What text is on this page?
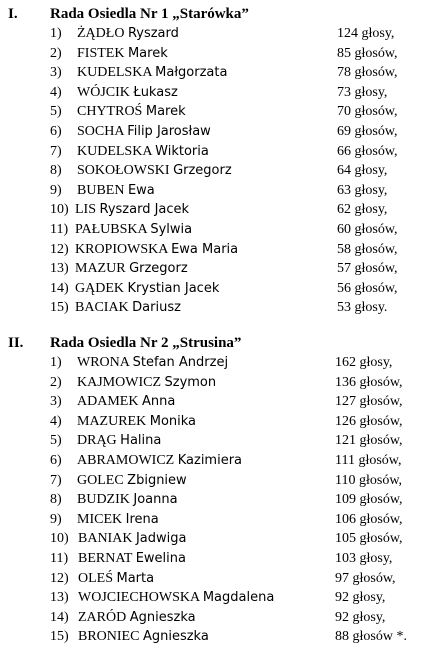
I. Rada Osiedla Nr 1 „Starówka”
1) ŻĄDŁO Ryszard	124 głosy,
2) FISTEK Marek	85 głosów,
3) KUDELSKA Małgorzata	78 głosów,
4) WÓJCIK Łukasz	73 głosy,
5) CHYTROŚ Marek	70 głosów,
6) SOCHA Filip Jarosław	69 głosów,
7) KUDELSKA Wiktoria	66 głosów,
8) SOKOŁOWSKI Grzegorz	64 głosy,
9) BUBEN Ewa	63 głosy,
10) LIS Ryszard Jacek	62 głosy,
11) PAŁUBSKA Sylwia	60 głosów,
12) KROPIOWSKA Ewa Maria	58 głosów,
13) MAZUR Grzegorz	57 głosów,
14) GĄDEK Krystian Jacek	56 głosów,
15) BACIAK Dariusz	53 głosy.
II. Rada Osiedla Nr 2 „Strusina”
1) WRONA Stefan Andrzej	162 głosy,
2) KAJMOWICZ Szymon	136 głosów,
3) ADAMEK Anna	127 głosów,
4) MAZUREK Monika	126 głosów,
5) DRĄG Halina	121 głosów,
6) ABRAMOWICZ Kazimiera	111 głosów,
7) GOLEC Zbigniew	110 głosów,
8) BUDZIK Joanna	109 głosów,
9) MICEK Irena	106 głosów,
10) BANIAK Jadwiga	105 głosów,
11) BERNAT Ewelina	103 głosy,
12) OLEŚ Marta	97 głosów,
13) WOJCIECHOWSKA Magdalena	92 głosy,
14) ZARÓD Agnieszka	92 głosy,
15) BRONIEC Agnieszka	88 głosów *.
